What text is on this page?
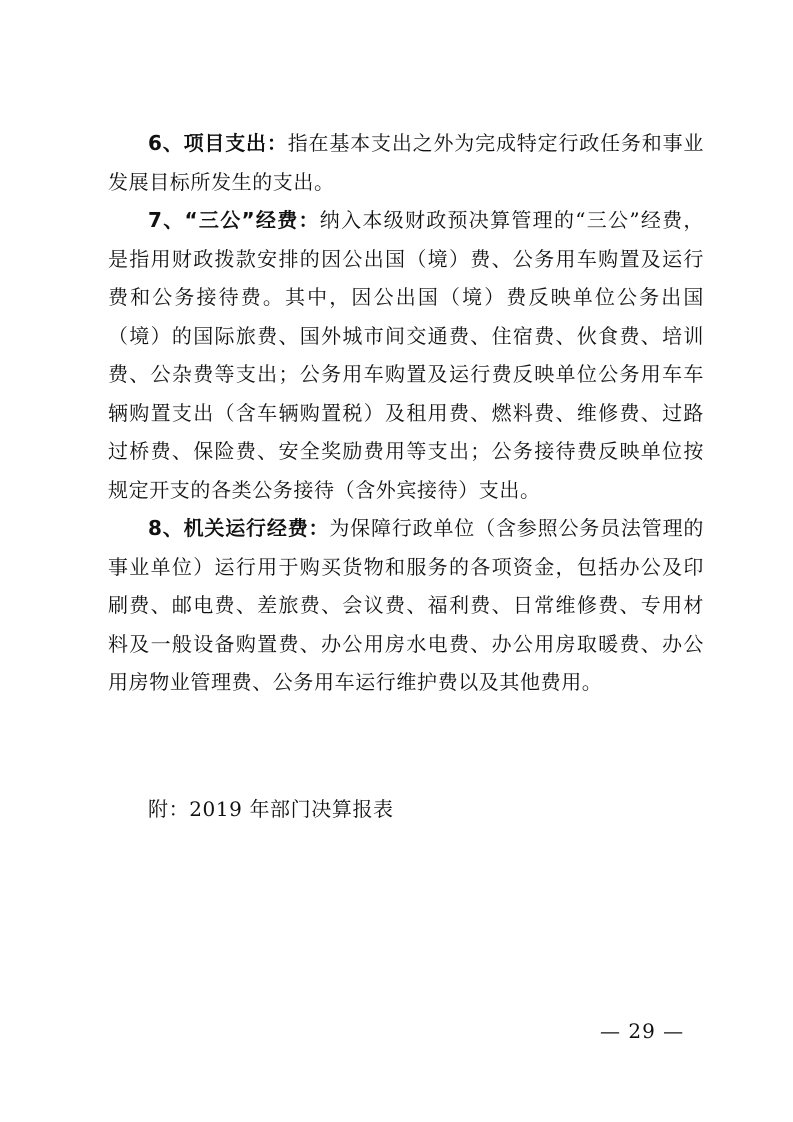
6、项目支出：指在基本支出之外为完成特定行政任务和事业发展目标所发生的支出。

7、“三公”经费：纳入本级财政预决算管理的“三公”经费，是指用财政拨款安排的因公出国（境）费、公务用车购置及运行费和公务接待费。其中，因公出国（境）费反映单位公务出国（境）的国际旅费、国外城市间交通费、住宿费、伙食费、培训费、公杂费等支出；公务用车购置及运行费反映单位公务用车车辆购置支出（含车辆购置税）及租用费、燃料费、维修费、过路过桥费、保险费、安全奖励费用等支出；公务接待费反映单位按规定开支的各类公务接待（含外宾接待）支出。

8、机关运行经费：为保障行政单位（含参照公务员法管理的事业单位）运行用于购买货物和服务的各项资金，包括办公及印刷费、邮电费、差旅费、会议费、福利费、日常维修费、专用材料及一般设备购置费、办公用房水电费、办公用房取暖费、办公用房物业管理费、公务用车运行维护费以及其他费用。

附：2019 年部门决算报表

— 29 —
